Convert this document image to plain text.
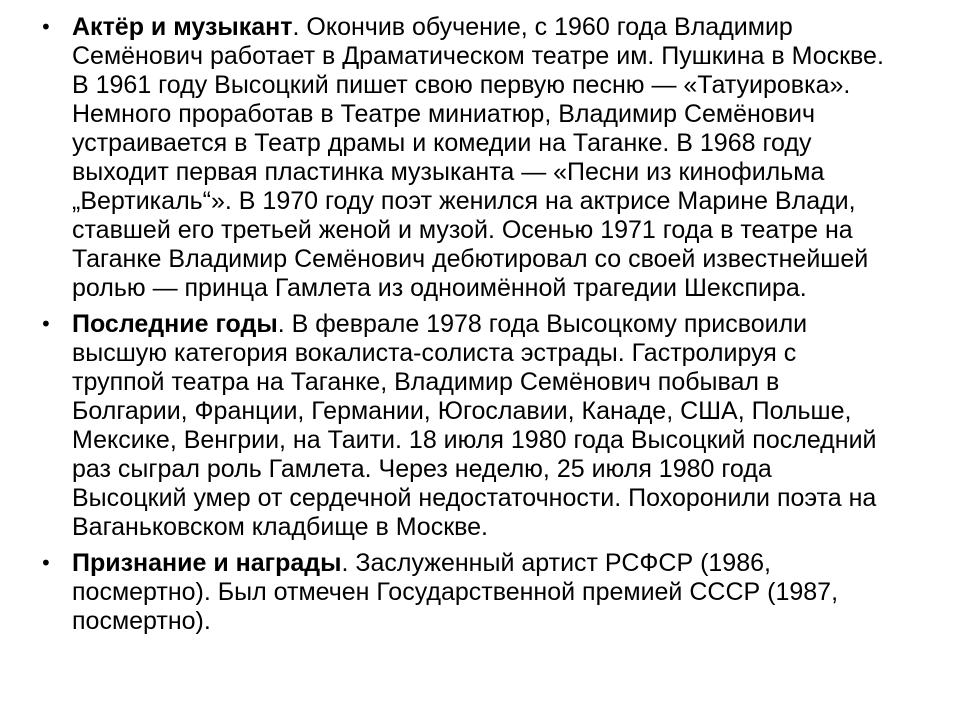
• Актёр и музыкант. Окончив обучение, с 1960 года Владимир Семёнович работает в Драматическом театре им. Пушкина в Москве. В 1961 году Высоцкий пишет свою первую песню — «Татуировка». Немного проработав в Театре миниатюр, Владимир Семёнович устраивается в Театр драмы и комедии на Таганке. В 1968 году выходит первая пластинка музыканта — «Песни из кинофильма „Вертикаль“». В 1970 году поэт женился на актрисе Марине Влади, ставшей его третьей женой и музой. Осенью 1971 года в театре на Таганке Владимир Семёнович дебютировал со своей известнейшей ролью — принца Гамлета из одноимённой трагедии Шекспира.
• Последние годы. В феврале 1978 года Высоцкому присвоили высшую категория вокалиста-солиста эстрады. Гастролируя с труппой театра на Таганке, Владимир Семёнович побывал в Болгарии, Франции, Германии, Югославии, Канаде, США, Польше, Мексике, Венгрии, на Таити. 18 июля 1980 года Высоцкий последний раз сыграл роль Гамлета. Через неделю, 25 июля 1980 года Высоцкий умер от сердечной недостаточности. Похоронили поэта на Ваганьковском кладбище в Москве.
• Признание и награды. Заслуженный артист РСФСР (1986, посмертно). Был отмечен Государственной премией СССР (1987, посмертно).
